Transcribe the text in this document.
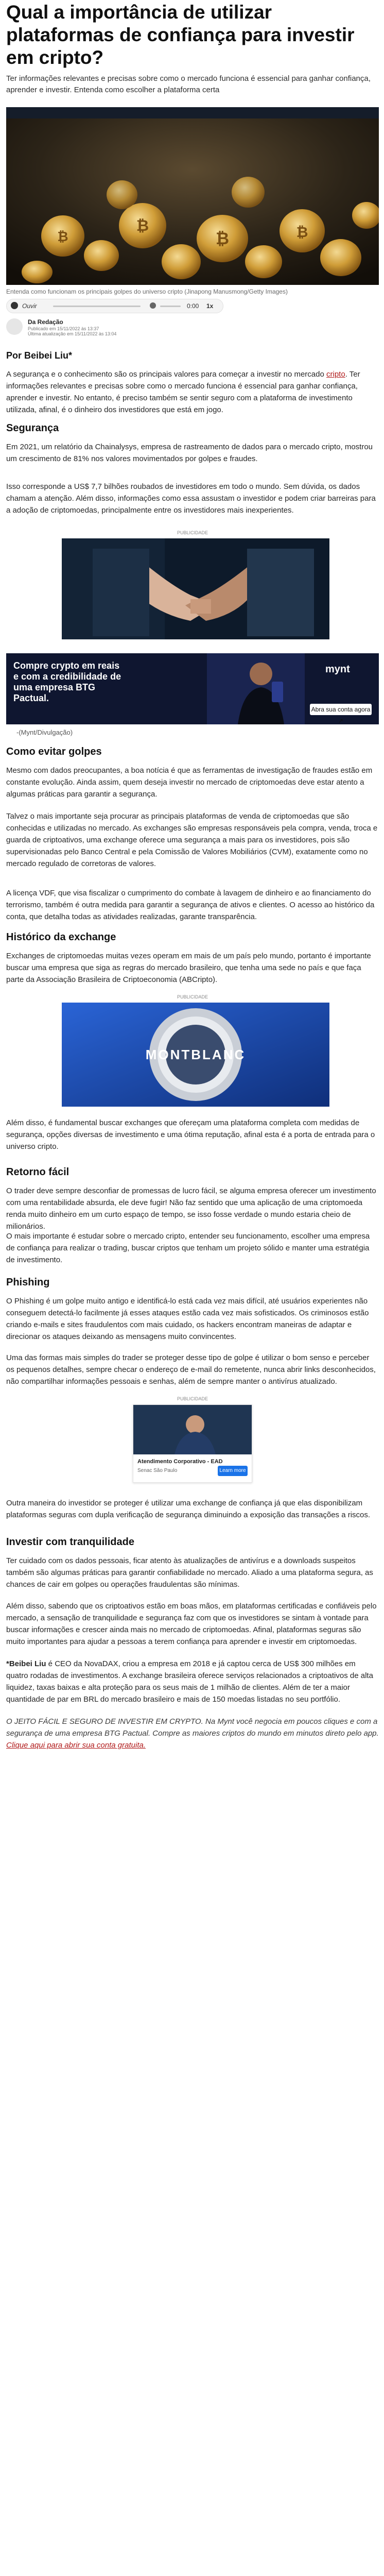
Qual a importância de utilizar plataformas de confiança para investir em cripto?
Ter informações relevantes e precisas sobre como o mercado funciona é essencial para ganhar confiança, aprender e investir. Entenda como escolher a plataforma certa
₿
₿	₿
₿
Entenda como funcionam os principais golpes do universo cripto (Jinapong Manusmong/Getty Images)
Ouvir	0:00 1x
Da Redação
Publicado em 15/11/2022 às 13:37
Última atualização em 15/11/2022 às 13:04
Por Beibei Liu*

A segurança e o conhecimento são os principais valores para começar a investir no mercado cripto. Ter informações relevantes e precisas sobre como o mercado funciona é essencial para ganhar confiança, aprender e investir. No entanto, é preciso também se sentir seguro com a plataforma de investimento utilizada, afinal, é o dinheiro dos investidores que está em jogo.

Segurança

Em 2021, um relatório da Chainalysys, empresa de rastreamento de dados para o mercado cripto, mostrou um crescimento de 81% nos valores movimentados por golpes e fraudes.

Isso corresponde a US$ 7,7 bilhões roubados de investidores em todo o mundo. Sem dúvida, os dados chamam a atenção. Além disso, informações como essa assustam o investidor e podem criar barreiras para a adoção de criptomoedas, principalmente entre os investidores mais inexperientes.

PUBLICIDADE
Compre crypto em reais e com a credibilidade de uma empresa BTG Pactual.
mynt
Abra sua conta agora ↗
-(Mynt/Divulgação)
Como evitar golpes

Mesmo com dados preocupantes, a boa notícia é que as ferramentas de investigação de fraudes estão em constante evolução. Ainda assim, quem deseja investir no mercado de criptomoedas deve estar atento a algumas práticas para garantir a segurança.

Talvez o mais importante seja procurar as principais plataformas de venda de criptomoedas que são conhecidas e utilizadas no mercado. As exchanges são empresas responsáveis pela compra, venda, troca e guarda de criptoativos, uma exchange oferece uma segurança a mais para os investidores, pois são supervisionadas pelo Banco Central e pela Comissão de Valores Mobiliários (CVM), exatamente como no mercado regulado de corretoras de valores.

A licença VDF, que visa fiscalizar o cumprimento do combate à lavagem de dinheiro e ao financiamento do terrorismo, também é outra medida para garantir a segurança de ativos e clientes. O acesso ao histórico da conta, que detalha todas as atividades realizadas, garante transparência.

Histórico da exchange

Exchanges de criptomoedas muitas vezes operam em mais de um país pelo mundo, portanto é importante buscar uma empresa que siga as regras do mercado brasileiro, que tenha uma sede no país e que faça parte da Associação Brasileira de Criptoeconomia (ABCripto).

PUBLICIDADE
MONTBLANC

Além disso, é fundamental buscar exchanges que ofereçam uma plataforma completa com medidas de segurança, opções diversas de investimento e uma ótima reputação, afinal esta é a porta de entrada para o universo cripto.

Retorno fácil

O trader deve sempre desconfiar de promessas de lucro fácil, se alguma empresa oferecer um investimento com uma rentabilidade absurda, ele deve fugir! Não faz sentido que uma aplicação de uma criptomoeda renda muito dinheiro em um curto espaço de tempo, se isso fosse verdade o mundo estaria cheio de milionários.

O mais importante é estudar sobre o mercado cripto, entender seu funcionamento, escolher uma empresa de confiança para realizar o trading, buscar criptos que tenham um projeto sólido e manter uma estratégia de investimento.

Phishing

O Phishing é um golpe muito antigo e identificá-lo está cada vez mais difícil, até usuários experientes não conseguem detectá-lo facilmente já esses ataques estão cada vez mais sofisticados. Os criminosos estão criando e-mails e sites fraudulentos com mais cuidado, os hackers encontram maneiras de adaptar e direcionar os ataques deixando as mensagens muito convincentes.

Uma das formas mais simples do trader se proteger desse tipo de golpe é utilizar o bom senso e perceber os pequenos detalhes, sempre checar o endereço de e-mail do remetente, nunca abrir links desconhecidos, não compartilhar informações pessoais e senhas, além de sempre manter o antivírus atualizado.

PUBLICIDADE
Atendimento Corporativo - EAD
Senac São Paulo	Learn more

Outra maneira do investidor se proteger é utilizar uma exchange de confiança já que elas disponibilizam plataformas seguras com dupla verificação de segurança diminuindo a exposição das transações a riscos.

Investir com tranquilidade

Ter cuidado com os dados pessoais, ficar atento às atualizações de antivírus e a downloads suspeitos também são algumas práticas para garantir confiabilidade no mercado. Aliado a uma plataforma segura, as chances de cair em golpes ou operações fraudulentas são mínimas.

Além disso, sabendo que os criptoativos estão em boas mãos, em plataformas certificadas e confiáveis pelo mercado, a sensação de tranquilidade e segurança faz com que os investidores se sintam à vontade para buscar informações e crescer ainda mais no mercado de criptomoedas. Afinal, plataformas seguras são muito importantes para ajudar a pessoas a terem confiança para aprender e investir em criptomoedas.

*Beibei Liu é CEO da NovaDAX, criou a empresa em 2018 e já captou cerca de US$ 300 milhões em quatro rodadas de investimentos. A exchange brasileira oferece serviços relacionados a criptoativos de alta liquidez, taxas baixas e alta proteção para os seus mais de 1 milhão de clientes. Além de ter a maior quantidade de par em BRL do mercado brasileiro e mais de 150 moedas listadas no seu portfólio.

O JEITO FÁCIL E SEGURO DE INVESTIR EM CRYPTO. Na Mynt você negocia em poucos cliques e com a segurança de uma empresa BTG Pactual. Compre as maiores criptos do mundo em minutos direto pelo app. Clique aqui para abrir sua conta gratuita.
